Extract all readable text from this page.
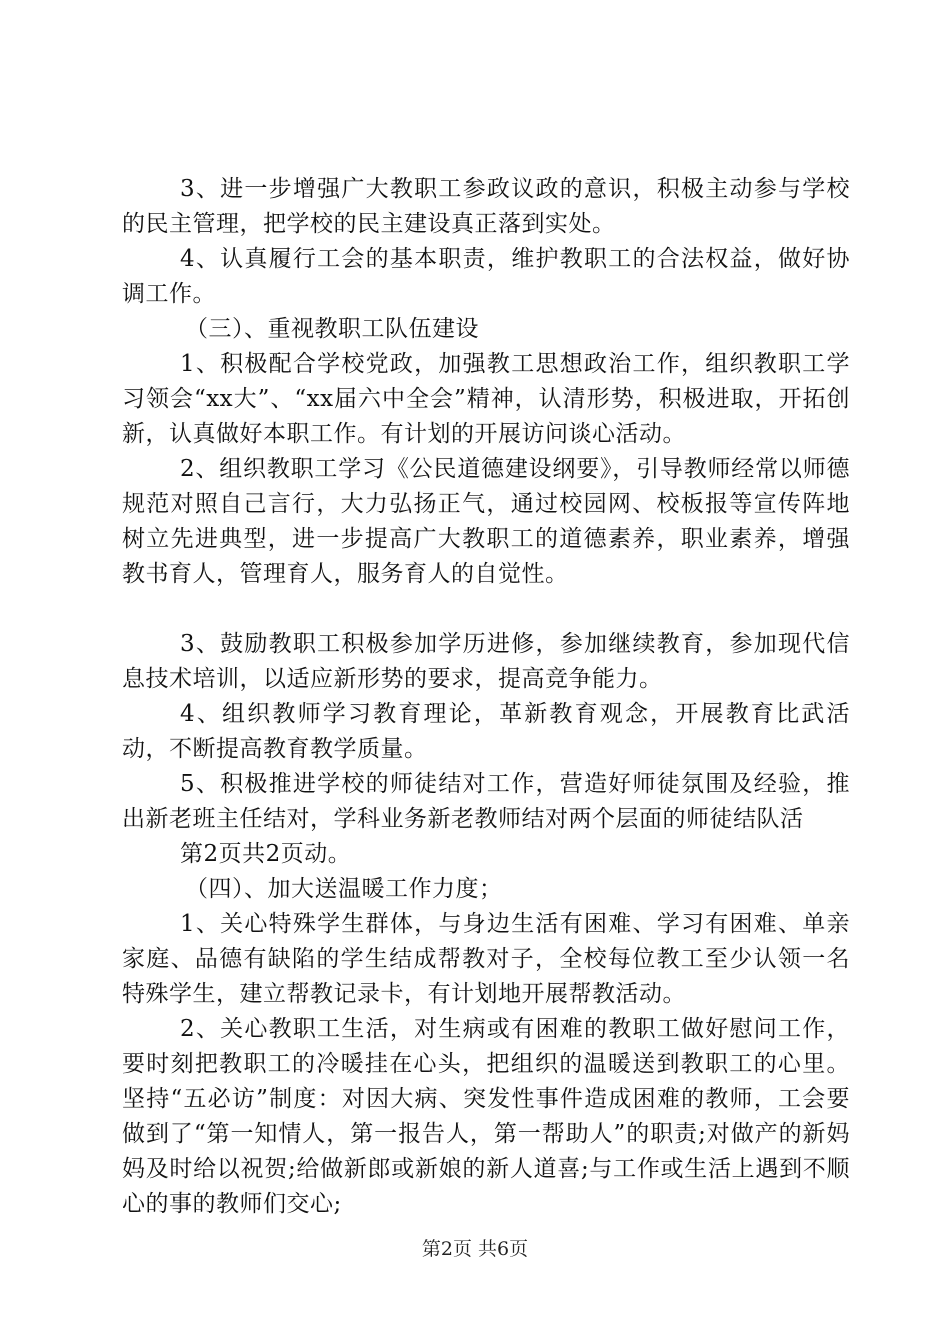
3、进一步增强广大教职工参政议政的意识，积极主动参与学校的民主管理，把学校的民主建设真正落到实处。

4、认真履行工会的基本职责，维护教职工的合法权益，做好协调工作。

（三）、重视教职工队伍建设

1、积极配合学校党政，加强教工思想政治工作，组织教职工学习领会“xx大”、“xx届六中全会”精神，认清形势，积极进取，开拓创新，认真做好本职工作。有计划的开展访问谈心活动。

2、组织教职工学习《公民道德建设纲要》，引导教师经常以师德规范对照自己言行，大力弘扬正气，通过校园网、校板报等宣传阵地树立先进典型，进一步提高广大教职工的道德素养，职业素养，增强教书育人，管理育人，服务育人的自觉性。

3、鼓励教职工积极参加学历进修，参加继续教育，参加现代信息技术培训，以适应新形势的要求，提高竞争能力。

4、组织教师学习教育理论，革新教育观念，开展教育比武活动，不断提高教育教学质量。

5、积极推进学校的师徒结对工作，营造好师徒氛围及经验，推出新老班主任结对，学科业务新老教师结对两个层面的师徒结队活

第2页共2页动。

（四）、加大送温暖工作力度；

1、关心特殊学生群体，与身边生活有困难、学习有困难、单亲家庭、品德有缺陷的学生结成帮教对子，全校每位教工至少认领一名特殊学生，建立帮教记录卡，有计划地开展帮教活动。

2、关心教职工生活，对生病或有困难的教职工做好慰问工作，要时刻把教职工的冷暖挂在心头，把组织的温暖送到教职工的心里。坚持“五必访”制度：对因大病、突发性事件造成困难的教师，工会要做到了“第一知情人，第一报告人，第一帮助人”的职责;对做产的新妈妈及时给以祝贺;给做新郎或新娘的新人道喜;与工作或生活上遇到不顺心的事的教师们交心;

第2页 共6页
